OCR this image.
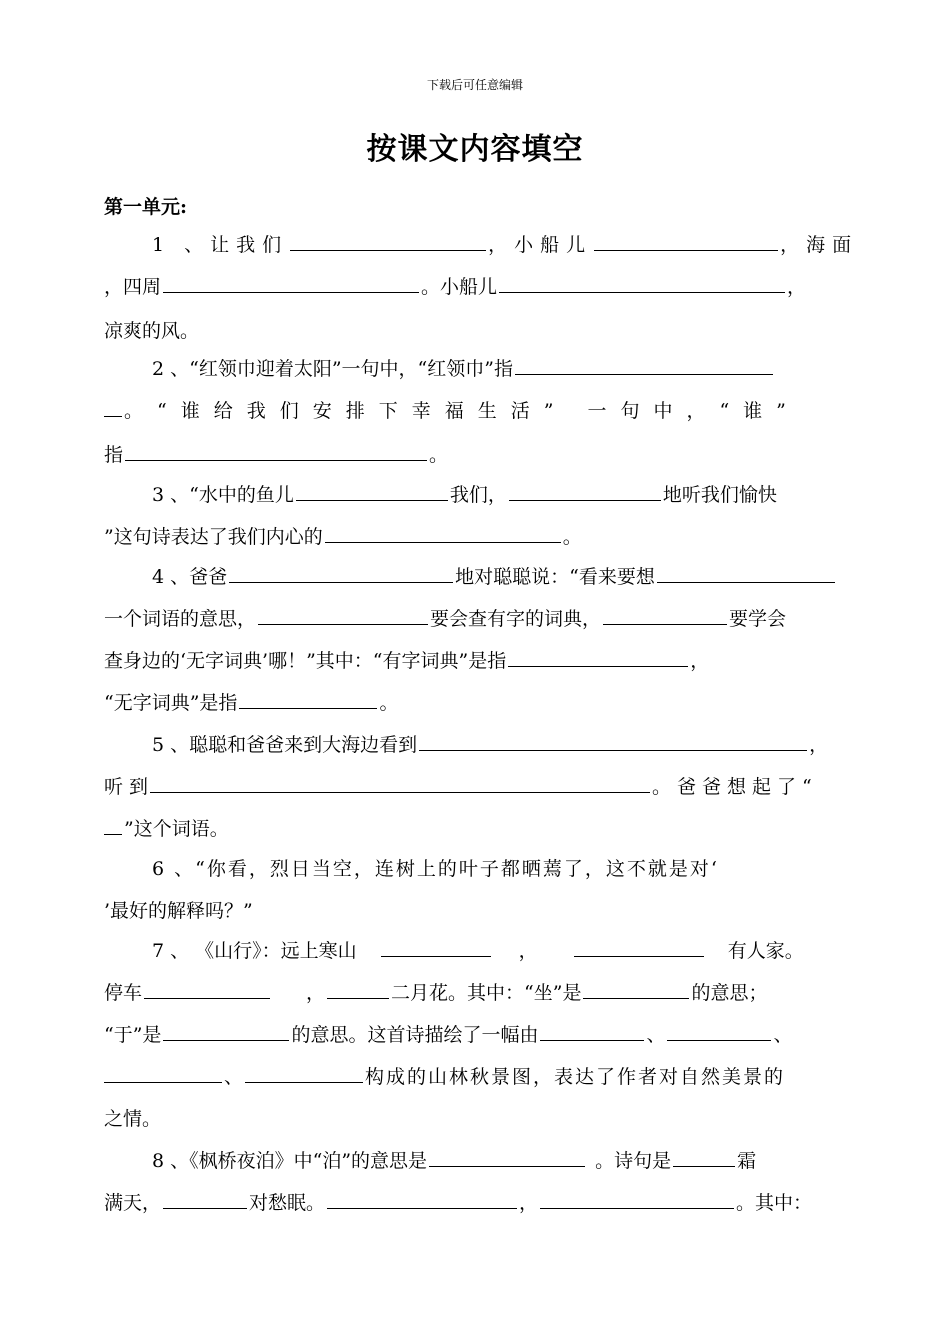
下载后可任意编辑
按课文内容填空
第一单元:
1 、让我们	，小船儿	，海面
，四周	。小船儿	，
凉爽的风。
2 、“红领巾迎着太阳”一句中，“红领巾”指
。“谁给我们安排下幸福生活” 一句中，“谁”
指	。
3 、“水中的鱼儿	我们，	地听我们愉快
”这句诗表达了我们内心的	。
4 、爸爸	地对聪聪说：“看来要想
一个词语的意思，	要会查有字的词典，	要学会
查身边的‘无字词典’哪！”其中：“有字词典”是指	，
“无字词典”是指	。
5 、聪聪和爸爸来到大海边看到	，
听 到	。爸爸想起了“
”这个词语。
6 、“你看，烈日当空，连树上的叶子都晒蔫了，这不就是对‘
’最好的解释吗？”
7 、 《山行》：远上寒山	，	有人家。
停车	，	二月花。其中：“坐”是	的意思；
“于”是	的意思。这首诗描绘了一幅由	、	、
、	构成的山林秋景图，表达了作者对自然美景的
之情。
8 、《枫桥夜泊》中“泊”的意思是	。诗句是	霜
满天，	对愁眠。	，	。其中：
